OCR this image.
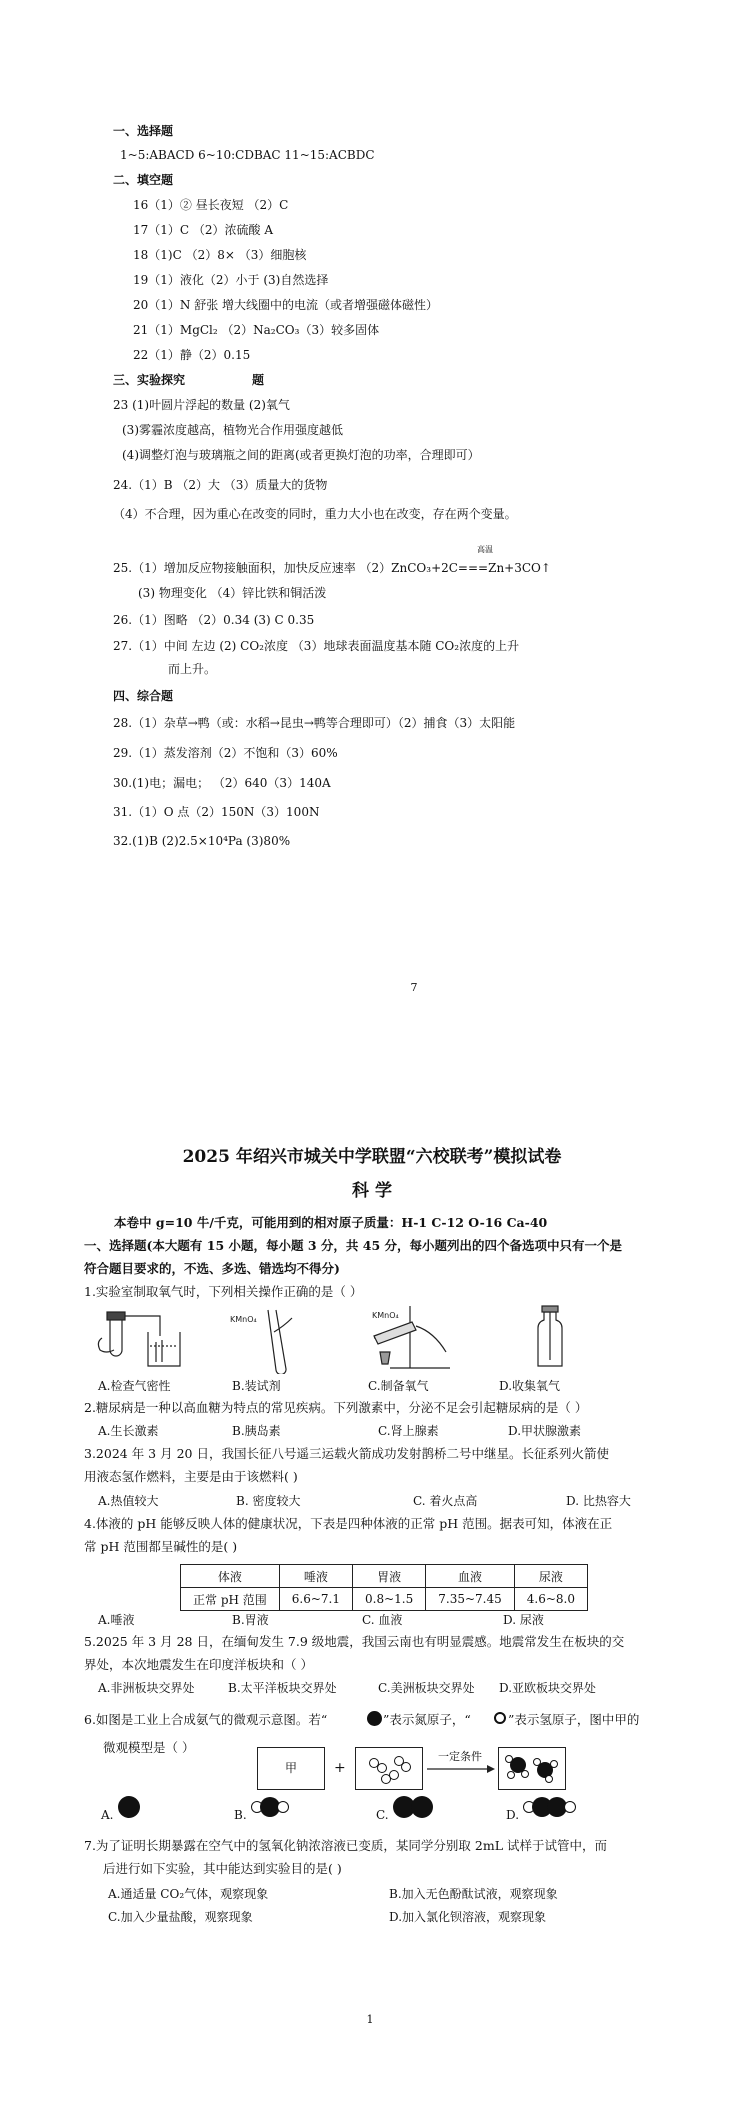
一、选择题
1~5:ABACD 6~10:CDBAC 11~15:ACBDC
二、填空题
16（1）② 昼长夜短 （2）C
17（1）C （2）浓硫酸 A
18（1)C （2）8× （3）细胞核
19（1）液化（2）小于 (3)自然选择
20（1）N 舒张 增大线圈中的电流（或者增强磁体磁性）
21（1）MgCl₂ （2）Na₂CO₃（3）较多固体
22（1）静（2）0.15
三、实验探究	题
23 (1)叶圆片浮起的数量 (2)氧气
(3)雾霾浓度越高，植物光合作用强度越低
(4)调整灯泡与玻璃瓶之间的距离(或者更换灯泡的功率，合理即可）
24.（1）B （2）大 （3）质量大的货物
（4）不合理，因为重心在改变的同时，重力大小也在改变，存在两个变量。
高温
25.（1）增加反应物接触面积，加快反应速率 （2）ZnCO₃+2C===Zn+3CO↑
(3) 物理变化 （4）锌比铁和铜活泼
26.（1）图略 （2）0.34 (3) C 0.35
27.（1）中间 左边 (2) CO₂浓度 （3）地球表面温度基本随 CO₂浓度的上升
而上升。
四、综合题
28.（1）杂草→鸭（或：水稻→昆虫→鸭等合理即可）（2）捕食（3）太阳能
29.（1）蒸发溶剂（2）不饱和（3）60%
30.(1)电；漏电； （2）640（3）140A
31.（1）O 点（2）150N（3）100N
32.(1)B (2)2.5×10⁴Pa (3)80%
7
2025 年绍兴市城关中学联盟“六校联考”模拟试卷
科 学
本卷中 g=10 牛/千克，可能用到的相对原子质量：H-1 C-12 O-16 Ca-40
一、选择题(本大题有 15 小题，每小题 3 分，共 45 分，每小题列出的四个备选项中只有一个是
符合题目要求的，不选、多选、错选均不得分)
1.实验室制取氧气时，下列相关操作正确的是（ ）
KMnO₄	KMnO₄
A.检查气密性	B.装试剂	C.制备氧气	D.收集氧气
2.糖尿病是一种以高血糖为特点的常见疾病。下列激素中，分泌不足会引起糖尿病的是（ ）
A.生长激素	B.胰岛素	C.肾上腺素	D.甲状腺激素
3.2024 年 3 月 20 日，我国长征八号遥三运载火箭成功发射鹊桥二号中继星。长征系列火箭使
用液态氢作燃料，主要是由于该燃料( )
A.热值较大	B. 密度较大	C. 着火点高	D. 比热容大
4.体液的 pH 能够反映人体的健康状况，下表是四种体液的正常 pH 范围。据表可知，体液在正
常 pH 范围都呈碱性的是( )
体液	唾液	胃液	血液	尿液
正常 pH 范围	6.6~7.1	0.8~1.5	7.35~7.45	4.6~8.0
A.唾液	B.胃液	C. 血液	D. 尿液
5.2025 年 3 月 28 日，在缅甸发生 7.9 级地震，我国云南也有明显震感。地震常发生在板块的交
界处，本次地震发生在印度洋板块和（ ）
A.非洲板块交界处	B.太平洋板块交界处	C.美洲板块交界处 D.亚欧板块交界处
6.如图是工业上合成氨气的微观示意图。若“	”表示氮原子，“	”表示氢原子，图中甲的
微观模型是（ ）
甲	+
一定条件
A.	B.	C.	D.
7.为了证明长期暴露在空气中的氢氧化钠浓溶液已变质，某同学分别取 2mL 试样于试管中，而
后进行如下实验，其中能达到实验目的是( )
A.通适量 CO₂气体，观察现象	B.加入无色酚酞试液，观察现象
C.加入少量盐酸，观察现象	D.加入氯化钡溶液，观察现象
1
